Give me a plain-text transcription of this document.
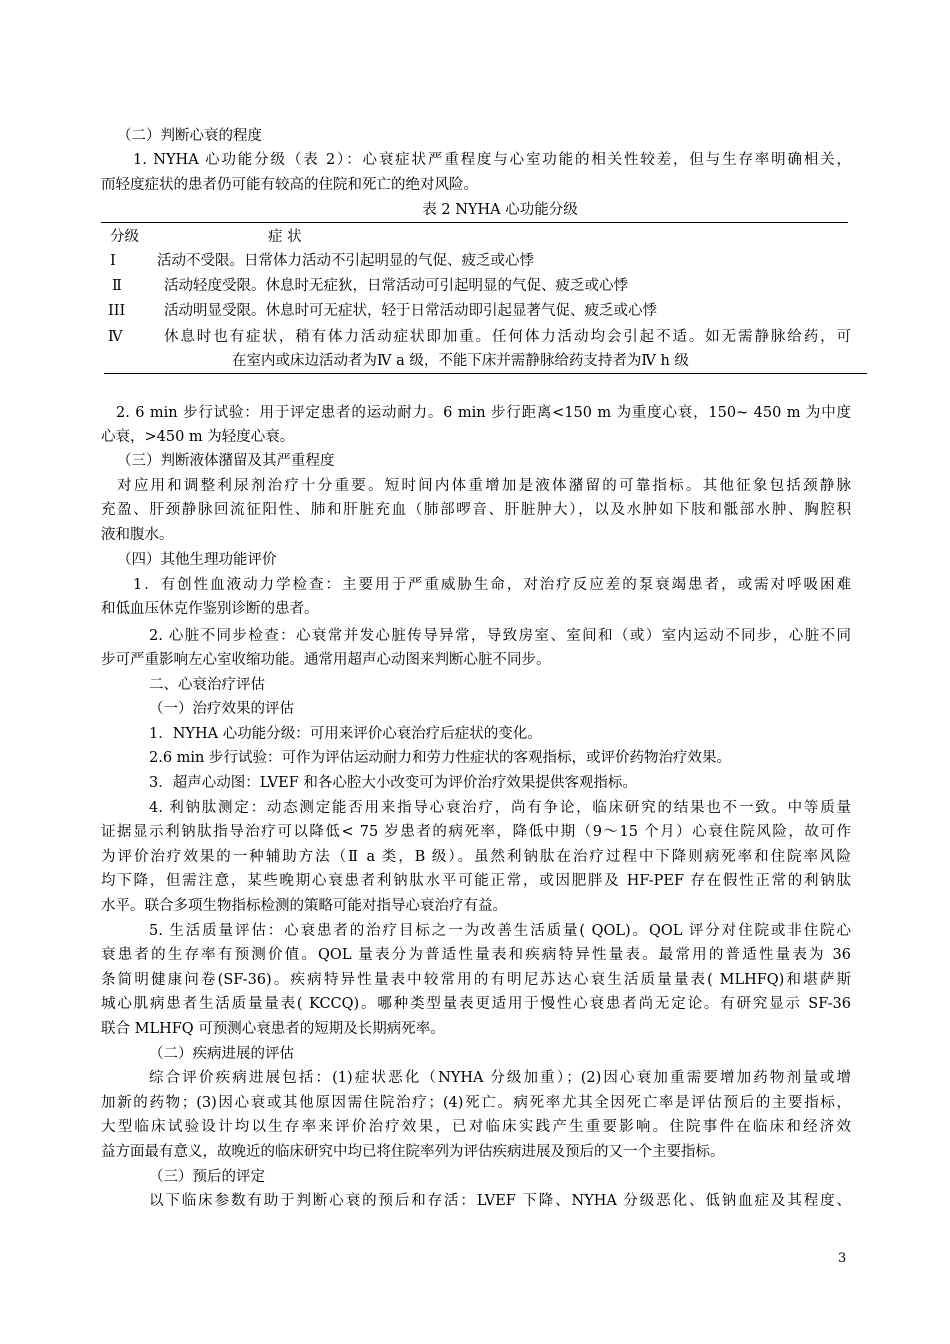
（二）判断心衰的程度
1. NYHA 心功能分级（表 2）：心衰症状严重程度与心室功能的相关性较差，但与生存率明确相关，
而轻度症状的患者仍可能有较高的住院和死亡的绝对风险。
表 2 NYHA 心功能分级
分级	症 状
I	活动不受限。日常体力活动不引起明显的气促、疲乏或心悸
Ⅱ	活动轻度受限。休息时无症狄，日常活动可引起明显的气促、疲乏或心悸
III	活动明显受限。休息时可无症状，轻于日常活动即引起显著气促、疲乏或心悸
Ⅳ	休息时也有症状，稍有体力活动症状即加重。任何体力活动均会引起不适。如无需静脉给药，可
在室内或床边活动者为Ⅳ a 级，不能下床并需静脉给药支持者为Ⅳ h 级
2. 6 min 步行试验：用于评定患者的运动耐力。6 min 步行距离<150 m 为重度心衰，150~ 450 m 为中度
心衰，>450 m 为轻度心衰。
（三）判断液体潴留及其严重程度
对应用和调整利尿剂治疗十分重要。短时间内体重增加是液体潴留的可靠指标。其他征象包括颈静脉
充盈、肝颈静脉回流征阳性、肺和肝脏充血（肺部啰音、肝脏肿大），以及水肿如下肢和骶部水肿、胸腔积
液和腹水。
（四）其他生理功能评价
1．有创性血液动力学检查：主要用于严重威胁生命，对治疗反应差的泵衰竭患者，或需对呼吸困难
和低血压休克作鉴别诊断的患者。
2. 心脏不同步检查：心衰常并发心脏传导异常，导致房室、室间和（或）室内运动不同步，心脏不同
步可严重影响左心室收缩功能。通常用超声心动图来判断心脏不同步。
二、心衰治疗评估
（一）治疗效果的评估
1．NYHA 心功能分级：可用来评价心衰治疗后症状的变化。
2.6 min 步行试验：可作为评估运动耐力和劳力性症状的客观指标，或评价药物治疗效果。
3．超声心动图：LVEF 和各心腔大小改变可为评价治疗效果提供客观指标。
4. 利钠肽测定：动态测定能否用来指导心衰治疗，尚有争论，临床研究的结果也不一致。中等质量
证据显示利钠肽指导治疗可以降低< 75 岁患者的病死率，降低中期（9～15 个月）心衰住院风险，故可作
为评价治疗效果的一种辅助方法（Ⅱ a 类，B 级）。虽然利钠肽在治疗过程中下降则病死率和住院率风险
均下降，但需注意，某些晚期心衰患者利钠肽水平可能正常，或因肥胖及 HF-PEF 存在假性正常的利钠肽
水平。联合多项生物指标检测的策略可能对指导心衰治疗有益。
5. 生活质量评估：心衰患者的治疗目标之一为改善生活质量( QOL)。QOL 评分对住院或非住院心
衰患者的生存率有预测价值。QOL 量表分为普适性量表和疾病特异性量表。最常用的普适性量表为 36
条简明健康问卷(SF-36)。疾病特异性量表中较常用的有明尼苏达心衰生活质量量表( MLHFQ)和堪萨斯
城心肌病患者生活质量量表( KCCQ)。哪种类型量表更适用于慢性心衰患者尚无定论。有研究显示 SF-36
联合 MLHFQ 可预测心衰患者的短期及长期病死率。
（二）疾病进展的评估
综合评价疾病进展包括：(1)症状恶化（NYHA 分级加重）；(2)因心衰加重需要增加药物剂量或增
加新的药物；(3)因心衰或其他原因需住院治疗；(4)死亡。病死率尤其全因死亡率是评估预后的主要指标，
大型临床试验设计均以生存率来评价治疗效果，已对临床实践产生重要影响。住院事件在临床和经济效
益方面最有意义，故晚近的临床研究中均已将住院率列为评估疾病进展及预后的又一个主要指标。
（三）预后的评定
以下临床参数有助于判断心衰的预后和存活：LVEF 下降、NYHA 分级恶化、低钠血症及其程度、
3
